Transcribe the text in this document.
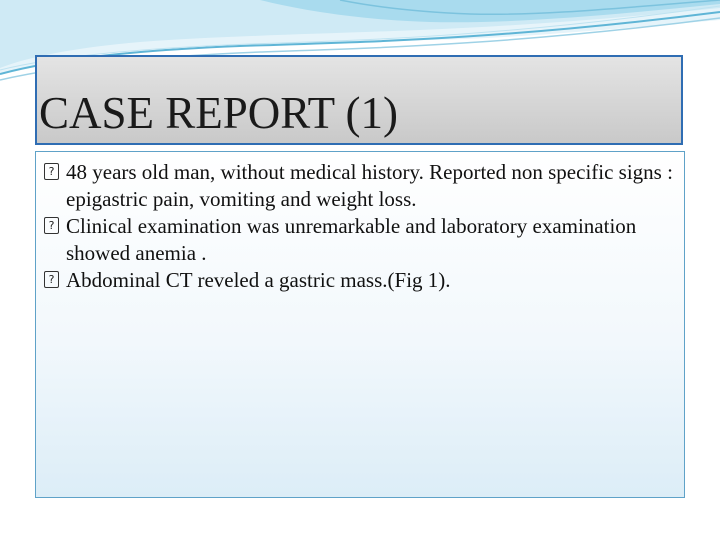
CASE REPORT (1)
? 48 years old man, without medical history. Reported non specific signs : epigastric pain, vomiting and weight loss.
? Clinical examination was unremarkable and laboratory examination showed anemia .
? Abdominal CT reveled a gastric mass.(Fig 1).
